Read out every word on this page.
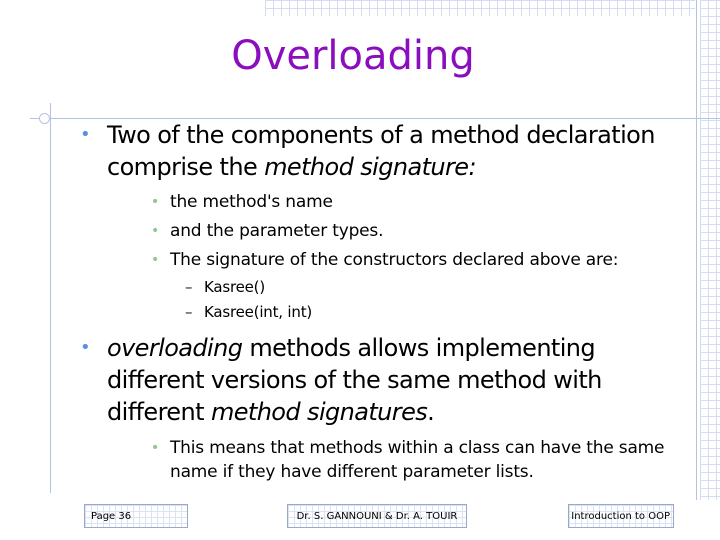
Overloading

• Two of the components of a method declaration comprise the method signature:

• the method's name

• and the parameter types.

• The signature of the constructors declared above are:

– Kasree()

– Kasree(int, int)

• overloading methods allows implementing different versions of the same method with different method signatures.

• This means that methods within a class can have the same name if they have different parameter lists.

Page 36	Dr. S. GANNOUNI & Dr. A. TOUIR	Introduction to OOP
